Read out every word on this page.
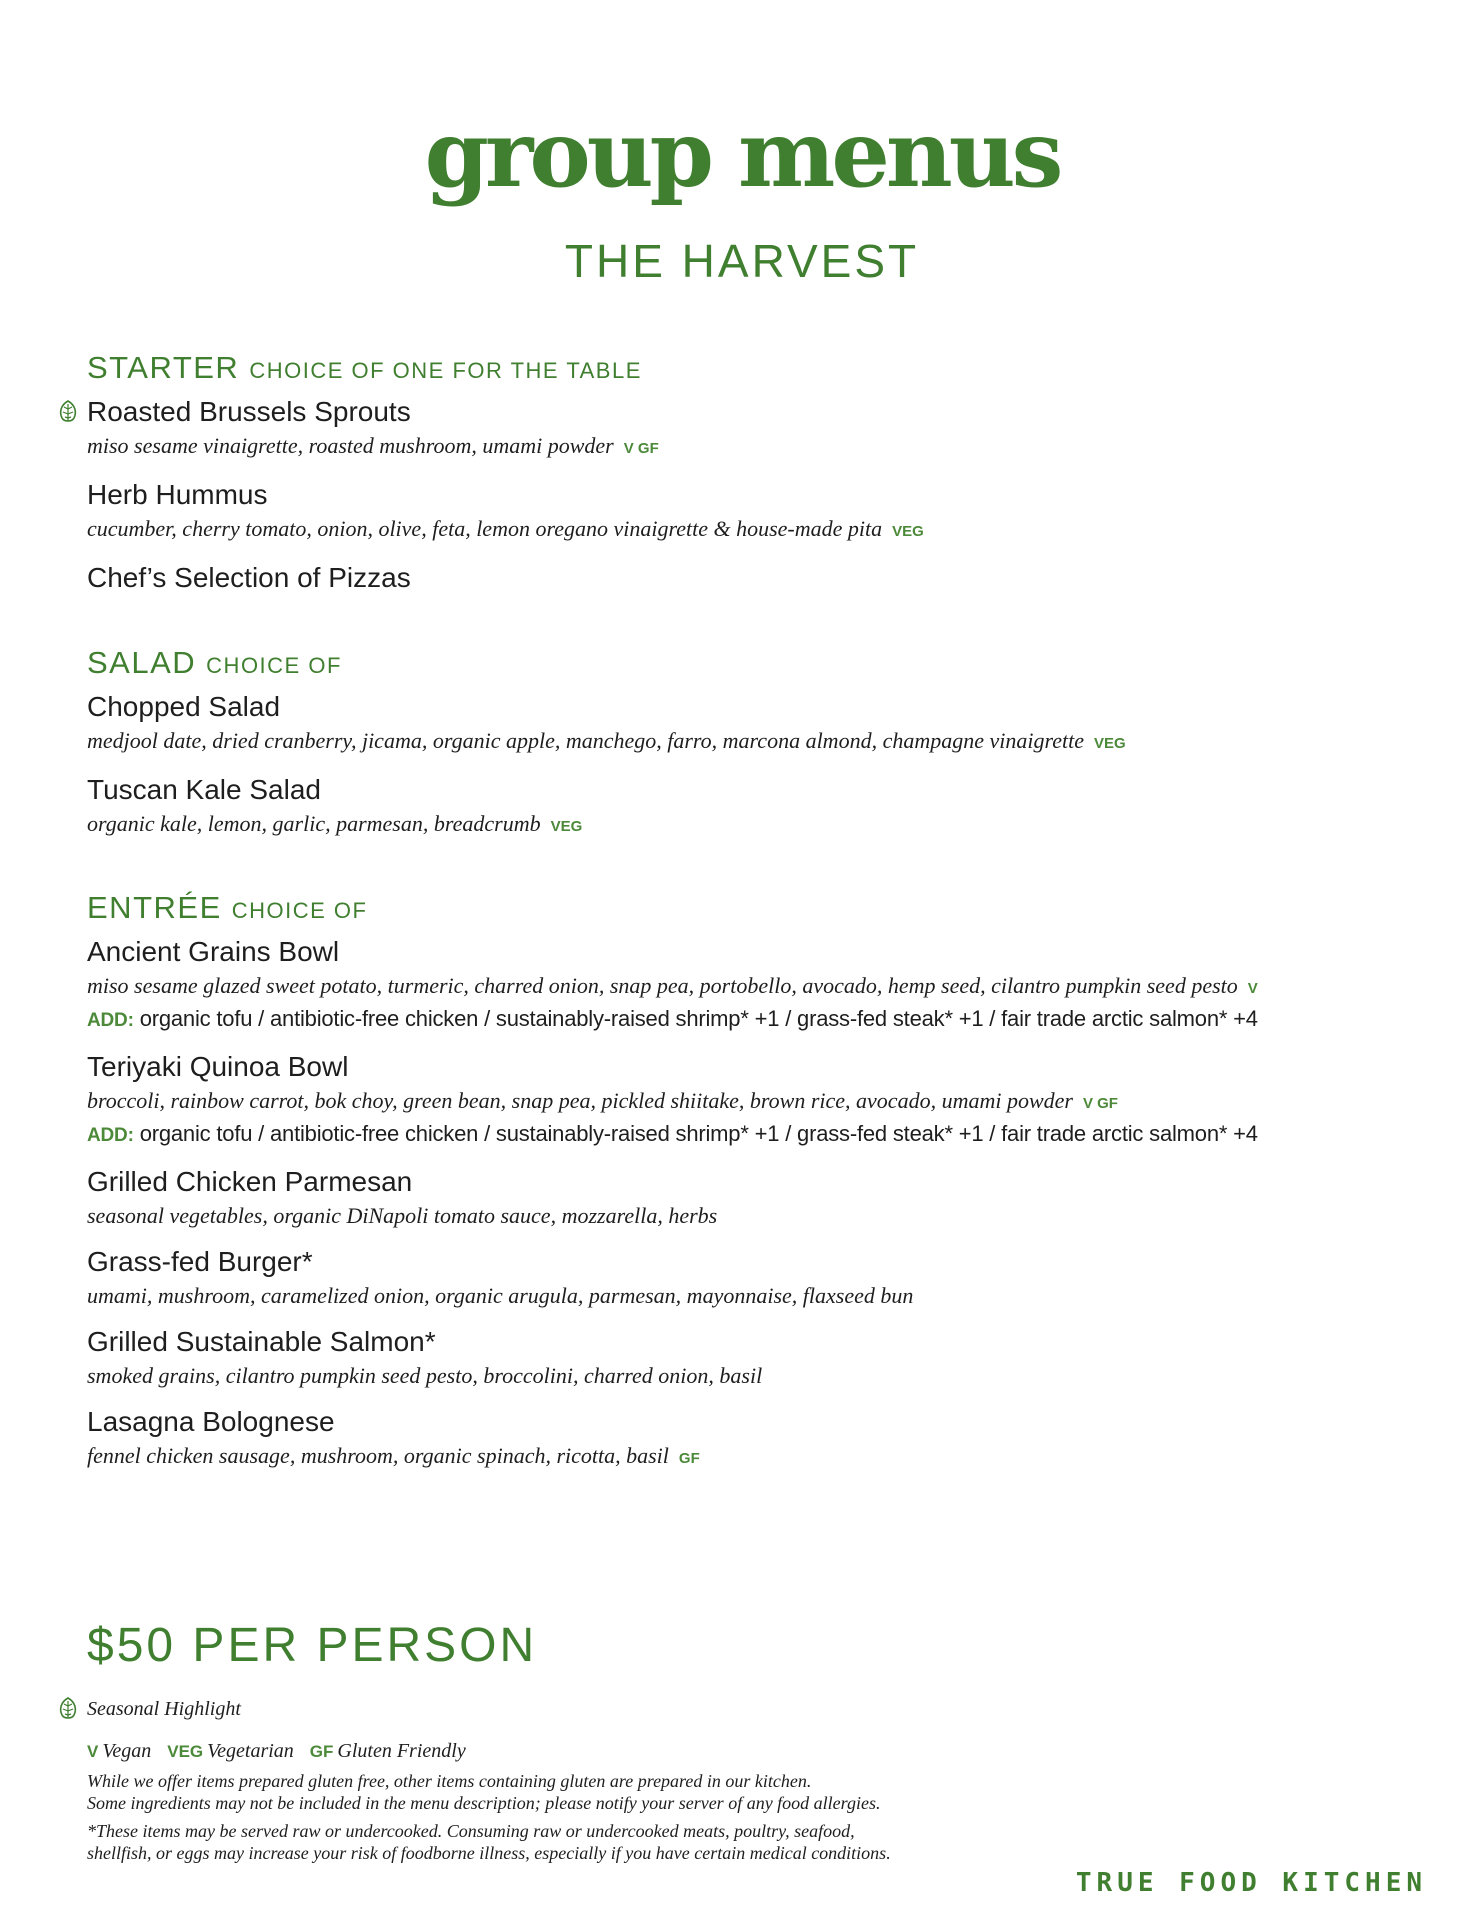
group menus
THE HARVEST
STARTER CHOICE OF ONE FOR THE TABLE
Roasted Brussels Sprouts
miso sesame vinaigrette, roasted mushroom, umami powder V GF
Herb Hummus
cucumber, cherry tomato, onion, olive, feta, lemon oregano vinaigrette & house-made pita VEG
Chef’s Selection of Pizzas
SALAD CHOICE OF
Chopped Salad
medjool date, dried cranberry, jicama, organic apple, manchego, farro, marcona almond, champagne vinaigrette VEG
Tuscan Kale Salad
organic kale, lemon, garlic, parmesan, breadcrumb VEG
ENTRÉE CHOICE OF
Ancient Grains Bowl
miso sesame glazed sweet potato, turmeric, charred onion, snap pea, portobello, avocado, hemp seed, cilantro pumpkin seed pesto V
ADD: organic tofu / antibiotic-free chicken / sustainably-raised shrimp* +1 / grass-fed steak* +1 / fair trade arctic salmon* +4
Teriyaki Quinoa Bowl
broccoli, rainbow carrot, bok choy, green bean, snap pea, pickled shiitake, brown rice, avocado, umami powder V GF
ADD: organic tofu / antibiotic-free chicken / sustainably-raised shrimp* +1 / grass-fed steak* +1 / fair trade arctic salmon* +4
Grilled Chicken Parmesan
seasonal vegetables, organic DiNapoli tomato sauce, mozzarella, herbs
Grass-fed Burger*
umami, mushroom, caramelized onion, organic arugula, parmesan, mayonnaise, flaxseed bun
Grilled Sustainable Salmon*
smoked grains, cilantro pumpkin seed pesto, broccolini, charred onion, basil
Lasagna Bolognese
fennel chicken sausage, mushroom, organic spinach, ricotta, basil GF
$50 PER PERSON
Seasonal Highlight
V Vegan VEG Vegetarian GF Gluten Friendly

While we offer items prepared gluten free, other items containing gluten are prepared in our kitchen.

Some ingredients may not be included in the menu description; please notify your server of any food allergies.

*These items may be served raw or undercooked. Consuming raw or undercooked meats, poultry, seafood,

shellfish, or eggs may increase your risk of foodborne illness, especially if you have certain medical conditions.

TRUE FOOD KITCHEN
